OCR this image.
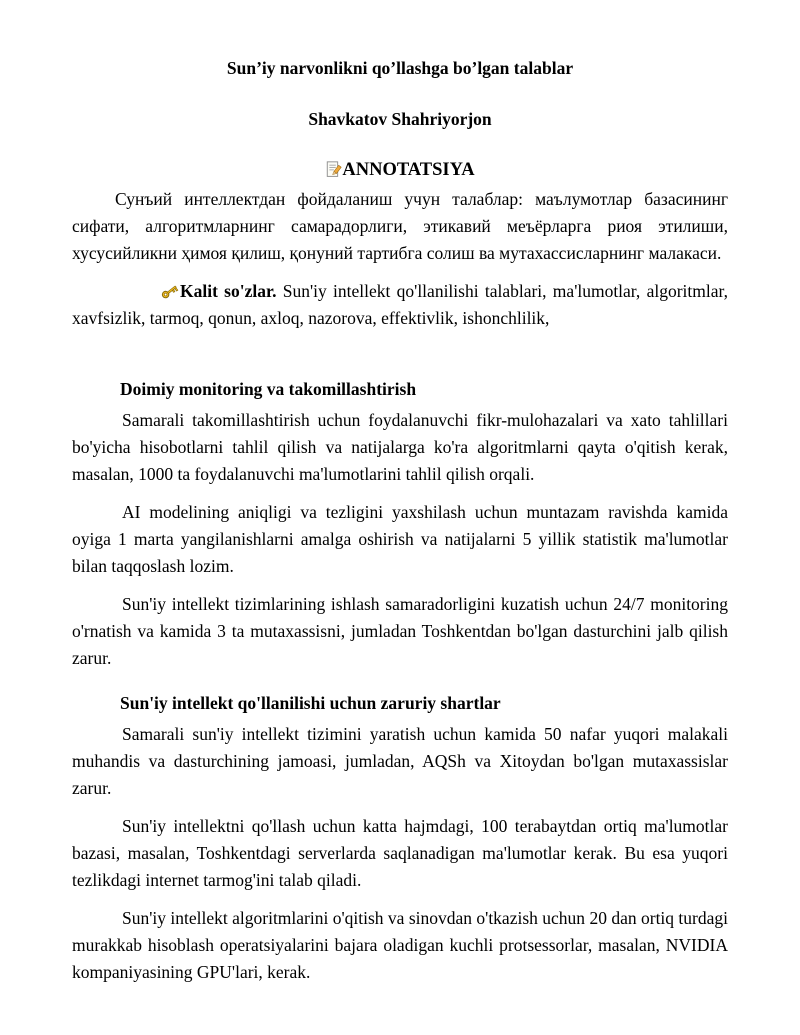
Sun’iy narvonlikni qo’llashga bo’lgan talablar

Shavkatov Shahriyorjon

ANNOTATSIYA

Сунъий интеллектдан фойдаланиш учун талаблар: маълумотлар базасининг сифати, алгоритмларнинг самарадорлиги, этикавий меъёрларга риоя этилиши, хусусийликни ҳимоя қилиш, қонуний тартибга солиш ва мутахассисларнинг малакаси.

Kalit so'zlar. Sun'iy intellekt qo'llanilishi talablari, ma'lumotlar, algoritmlar, xavfsizlik, tarmoq, qonun, axloq, nazorova, effektivlik, ishonchlilik,

Doimiy monitoring va takomillashtirish

Samarali takomillashtirish uchun foydalanuvchi fikr-mulohazalari va xato tahlillari bo'yicha hisobotlarni tahlil qilish va natijalarga ko'ra algoritmlarni qayta o'qitish kerak, masalan, 1000 ta foydalanuvchi ma'lumotlarini tahlil qilish orqali.

AI modelining aniqligi va tezligini yaxshilash uchun muntazam ravishda kamida oyiga 1 marta yangilanishlarni amalga oshirish va natijalarni 5 yillik statistik ma'lumotlar bilan taqqoslash lozim.

Sun'iy intellekt tizimlarining ishlash samaradorligini kuzatish uchun 24/7 monitoring o'rnatish va kamida 3 ta mutaxassisni, jumladan Toshkentdan bo'lgan dasturchini jalb qilish zarur.

Sun'iy intellekt qo'llanilishi uchun zaruriy shartlar

Samarali sun'iy intellekt tizimini yaratish uchun kamida 50 nafar yuqori malakali muhandis va dasturchining jamoasi, jumladan, AQSh va Xitoydan bo'lgan mutaxassislar zarur.

Sun'iy intellektni qo'llash uchun katta hajmdagi, 100 terabaytdan ortiq ma'lumotlar bazasi, masalan, Toshkentdagi serverlarda saqlanadigan ma'lumotlar kerak. Bu esa yuqori tezlikdagi internet tarmog'ini talab qiladi.

Sun'iy intellekt algoritmlarini o'qitish va sinovdan o'tkazish uchun 20 dan ortiq turdagi murakkab hisoblash operatsiyalarini bajara oladigan kuchli protsessorlar, masalan, NVIDIA kompaniyasining GPU'lari, kerak.
